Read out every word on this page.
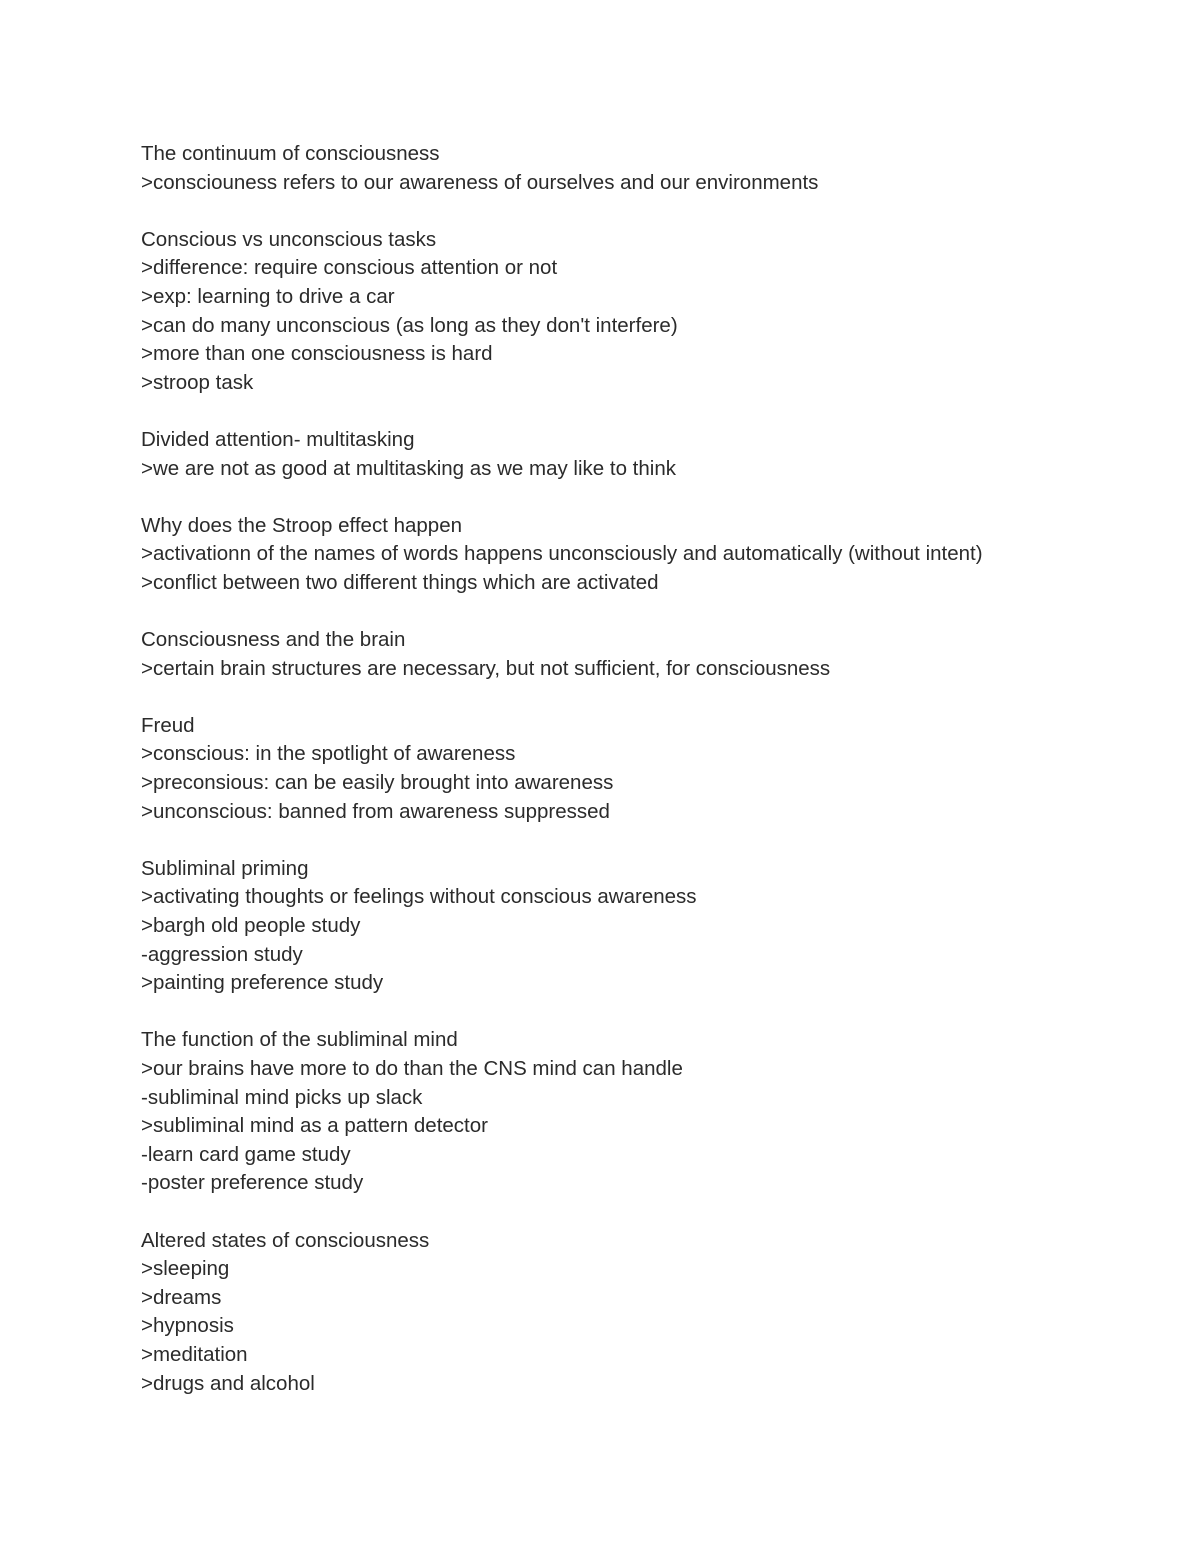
The continuum of consciousness
>consciouness refers to our awareness of ourselves and our environments
Conscious vs unconscious tasks
>difference: require conscious attention or not
>exp: learning to drive a car
>can do many unconscious (as long as they don't interfere)
>more than one consciousness is hard
>stroop task
Divided attention- multitasking
>we are not as good at multitasking as we may like to think
Why does the Stroop effect happen
>activationn of the names of words happens unconsciously and automatically (without intent)
>conflict between two different things which are activated
Consciousness and the brain
>certain brain structures are necessary, but not sufficient, for consciousness
Freud
>conscious: in the spotlight of awareness
>preconsious: can be easily brought into awareness
>unconscious: banned from awareness suppressed
Subliminal priming
>activating thoughts or feelings without conscious awareness
>bargh old people study
-aggression study
>painting preference study
The function of the subliminal mind
>our brains have more to do than the CNS mind can handle
-subliminal mind picks up slack
>subliminal mind as a pattern detector
-learn card game study
-poster preference study
Altered states of consciousness
>sleeping
>dreams
>hypnosis
>meditation
>drugs and alcohol
